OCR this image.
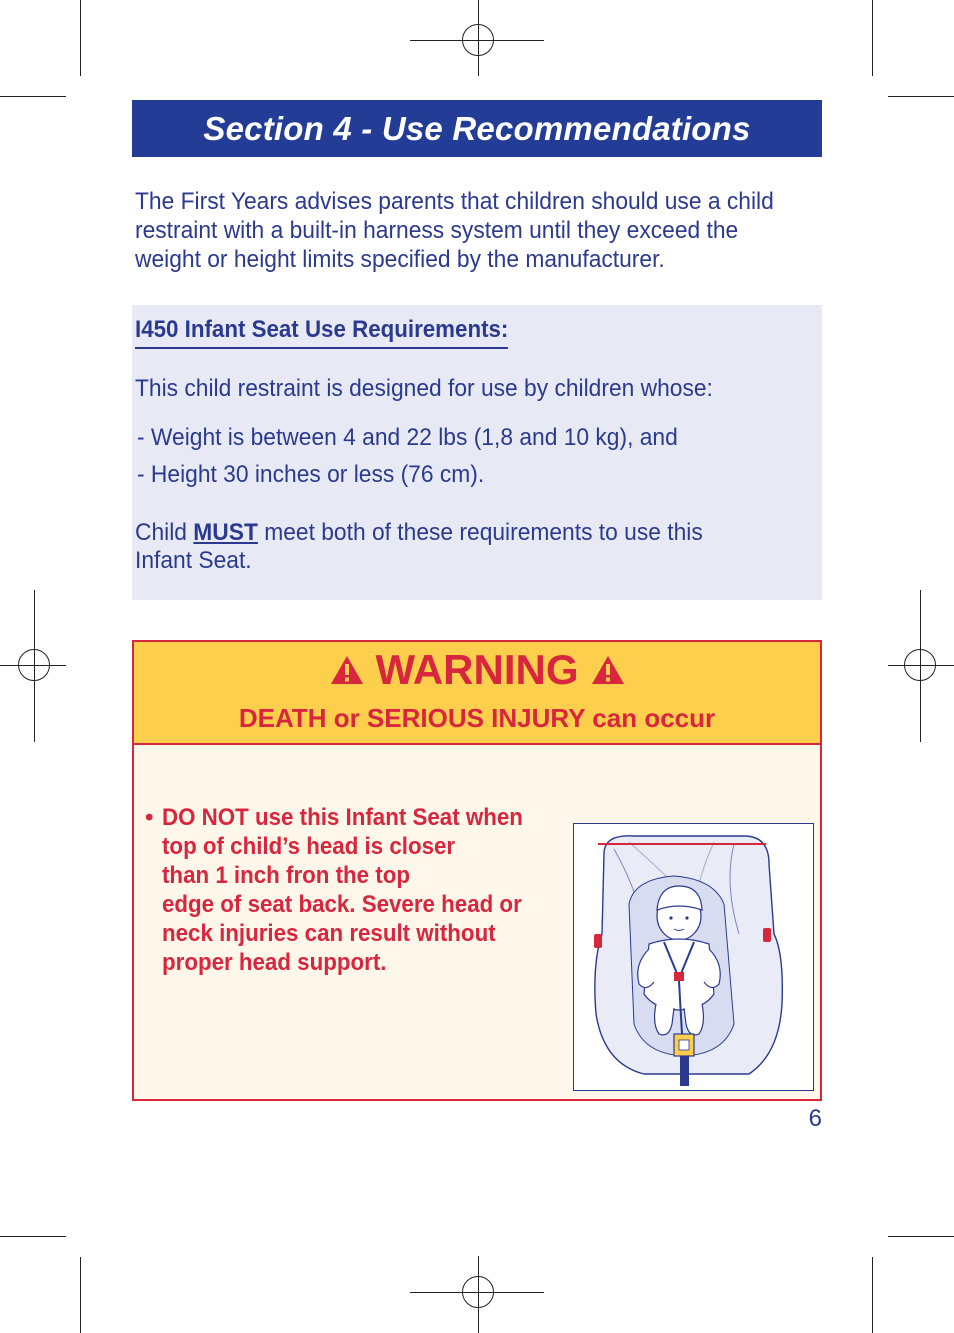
Section 4 - Use Recommendations
The First Years advises parents that children should use a child
restraint with a built-in harness system until they exceed the
weight or height limits specified by the manufacturer.
I450 Infant Seat Use Requirements:
This child restraint is designed for use by children whose:
- Weight is between 4 and 22 lbs (1,8 and 10 kg), and
- Height 30 inches or less (76 cm).
Child MUST meet both of these requirements to use this
Infant Seat.
WARNING
DEATH or SERIOUS INJURY can occur
• DO NOT use this Infant Seat when
top of child’s head is closer
than 1 inch fron the top
edge of seat back. Severe head or
neck injuries can result without
proper head support.
6
